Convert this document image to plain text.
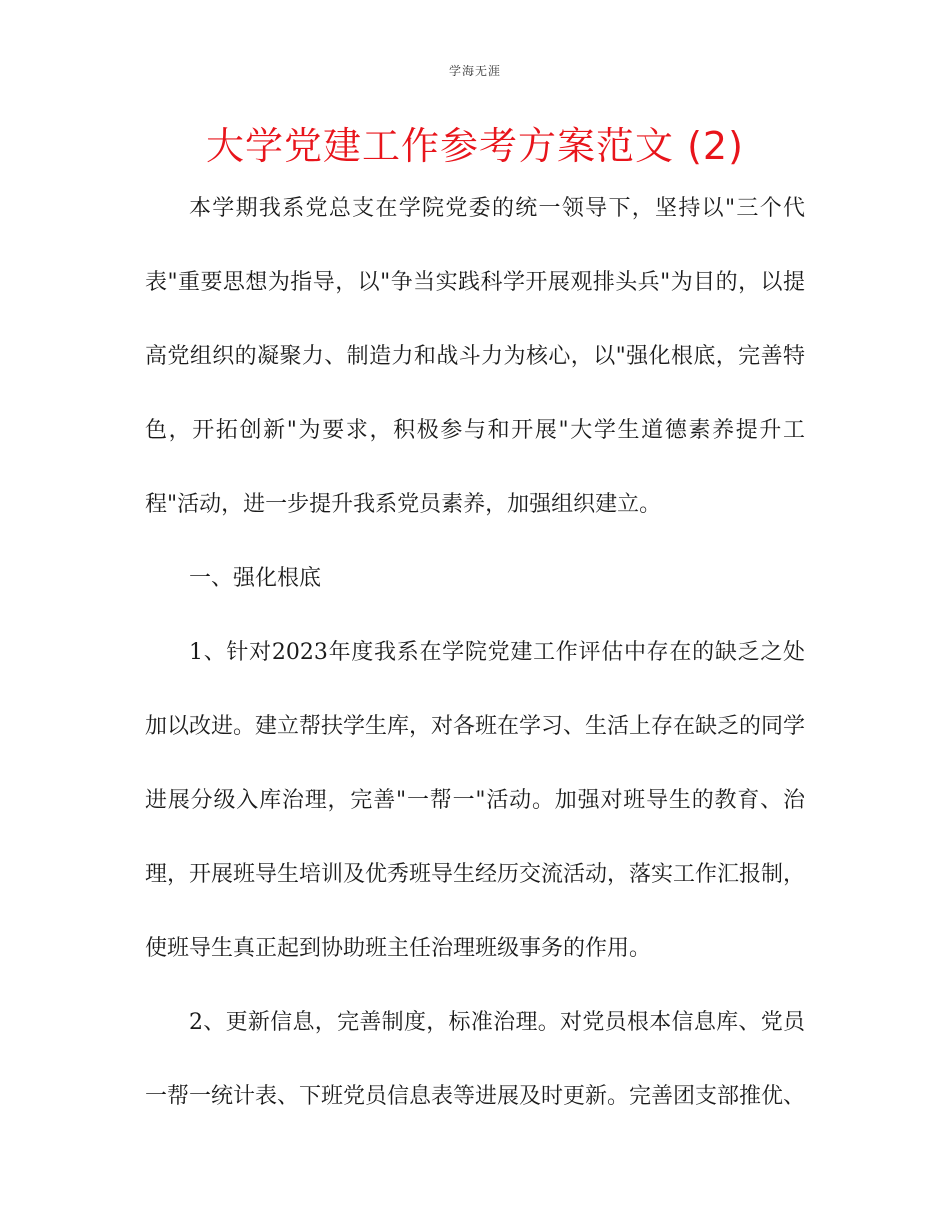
学海无涯
大学党建工作参考方案范文 (2)

本学期我系党总支在学院党委的统一领导下，坚持以"三个代表"重要思想为指导，以"争当实践科学开展观排头兵"为目的，以提高党组织的凝聚力、制造力和战斗力为核心，以"强化根底，完善特色，开拓创新"为要求，积极参与和开展"大学生道德素养提升工程"活动，进一步提升我系党员素养，加强组织建立。

一、强化根底

1、针对2023年度我系在学院党建工作评估中存在的缺乏之处加以改进。建立帮扶学生库，对各班在学习、生活上存在缺乏的同学进展分级入库治理，完善"一帮一"活动。加强对班导生的教育、治理，开展班导生培训及优秀班导生经历交流活动，落实工作汇报制，使班导生真正起到协助班主任治理班级事务的作用。

2、更新信息，完善制度，标准治理。对党员根本信息库、党员一帮一统计表、下班党员信息表等进展及时更新。完善团支部推优、
